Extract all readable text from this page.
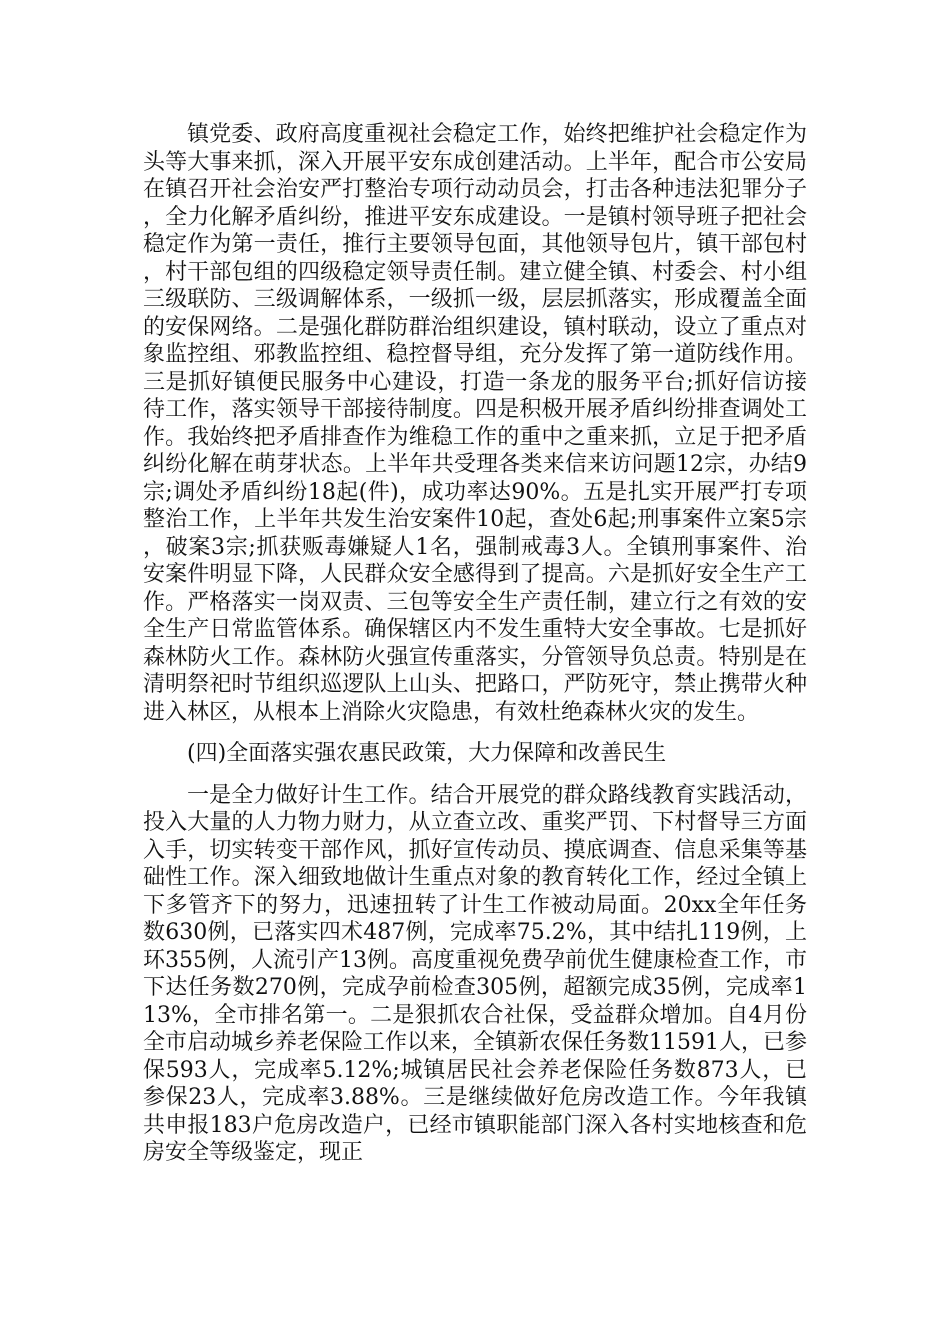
镇党委、政府高度重视社会稳定工作，始终把维护社会稳定作为头等大事来抓，深入开展平安东成创建活动。上半年，配合市公安局在镇召开社会治安严打整治专项行动动员会，打击各种违法犯罪分子，全力化解矛盾纠纷，推进平安东成建设。一是镇村领导班子把社会稳定作为第一责任，推行主要领导包面，其他领导包片，镇干部包村，村干部包组的四级稳定领导责任制。建立健全镇、村委会、村小组三级联防、三级调解体系，一级抓一级，层层抓落实，形成覆盖全面的安保网络。二是强化群防群治组织建设，镇村联动，设立了重点对象监控组、邪教监控组、稳控督导组，充分发挥了第一道防线作用。三是抓好镇便民服务中心建设，打造一条龙的服务平台;抓好信访接待工作，落实领导干部接待制度。四是积极开展矛盾纠纷排查调处工作。我始终把矛盾排查作为维稳工作的重中之重来抓，立足于把矛盾纠纷化解在萌芽状态。上半年共受理各类来信来访问题12宗，办结9宗;调处矛盾纠纷18起(件)，成功率达90%。五是扎实开展严打专项整治工作，上半年共发生治安案件10起，查处6起;刑事案件立案5宗，破案3宗;抓获贩毒嫌疑人1名，强制戒毒3人。全镇刑事案件、治安案件明显下降，人民群众安全感得到了提高。六是抓好安全生产工作。严格落实一岗双责、三包等安全生产责任制，建立行之有效的安全生产日常监管体系。确保辖区内不发生重特大安全事故。七是抓好森林防火工作。森林防火强宣传重落实，分管领导负总责。特别是在清明祭祀时节组织巡逻队上山头、把路口，严防死守，禁止携带火种进入林区，从根本上消除火灾隐患，有效杜绝森林火灾的发生。

(四)全面落实强农惠民政策，大力保障和改善民生

一是全力做好计生工作。结合开展党的群众路线教育实践活动，投入大量的人力物力财力，从立查立改、重奖严罚、下村督导三方面入手，切实转变干部作风，抓好宣传动员、摸底调查、信息采集等基础性工作。深入细致地做计生重点对象的教育转化工作，经过全镇上下多管齐下的努力，迅速扭转了计生工作被动局面。20xx全年任务数630例，已落实四术487例，完成率75.2%，其中结扎119例，上环355例，人流引产13例。高度重视免费孕前优生健康检查工作，市下达任务数270例，完成孕前检查305例，超额完成35例，完成率113%，全市排名第一。二是狠抓农合社保，受益群众增加。自4月份全市启动城乡养老保险工作以来，全镇新农保任务数11591人，已参保593人，完成率5.12%;城镇居民社会养老保险任务数873人，已参保23人，完成率3.88%。三是继续做好危房改造工作。今年我镇共申报183户危房改造户，已经市镇职能部门深入各村实地核查和危房安全等级鉴定，现正
